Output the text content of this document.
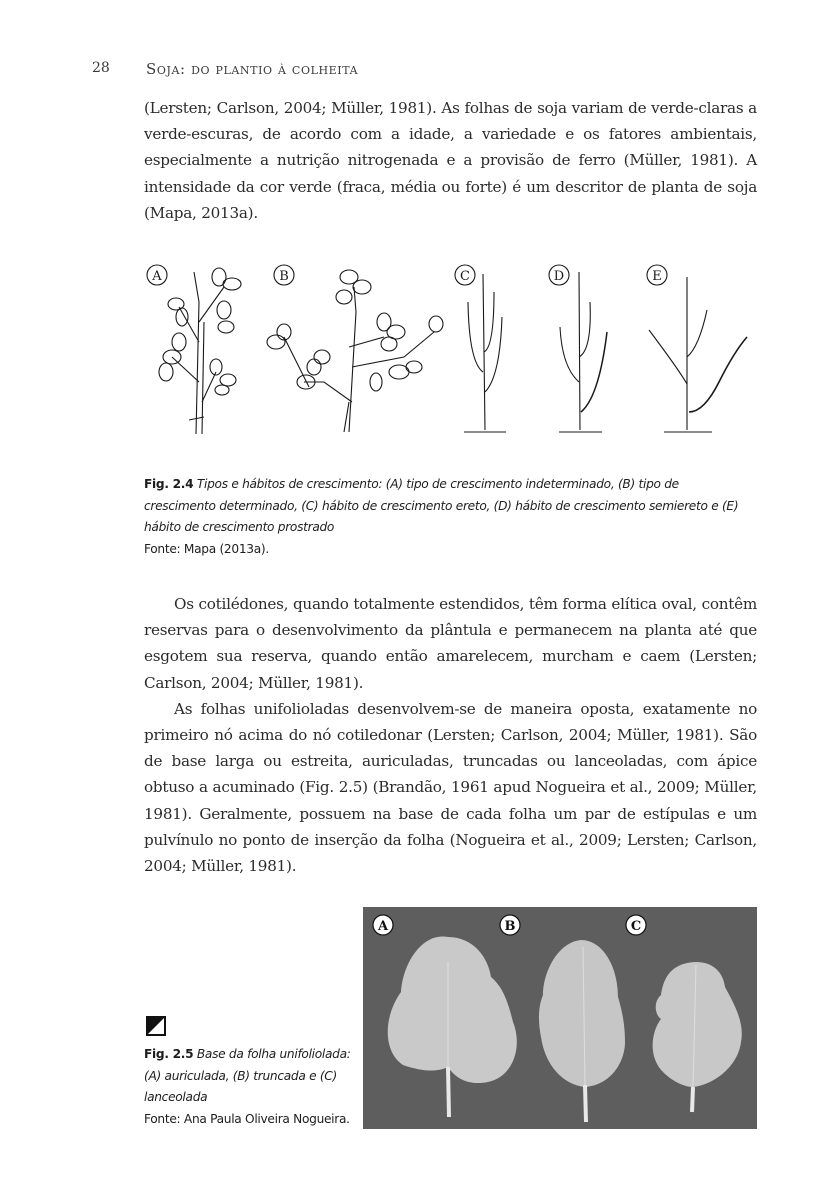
28	Soja: do plantio à colheita

(Lersten; Carlson, 2004; Müller, 1981). As folhas de soja variam de verde-claras a verde-escuras, de acordo com a idade, a variedade e os fatores ambientais, especialmente a nutrição nitrogenada e a provisão de ferro (Müller, 1981). A intensidade da cor verde (fraca, média ou forte) é um descritor de planta de soja (Mapa, 2013a).

A	B	C	D	E
Fig. 2.4 Tipos e hábitos de crescimento: (A) tipo de crescimento indeterminado, (B) tipo de crescimento determinado, (C) hábito de crescimento ereto, (D) hábito de crescimento semiereto e (E) hábito de crescimento prostrado
Fonte: Mapa (2013a).

Os cotilédones, quando totalmente estendidos, têm forma elítica oval, contêm reservas para o desenvolvimento da plântula e permanecem na planta até que esgotem sua reserva, quando então amarelecem, murcham e caem (Lersten; Carlson, 2004; Müller, 1981).

As folhas unifolioladas desenvolvem-se de maneira oposta, exatamente no primeiro nó acima do nó cotiledonar (Lersten; Carlson, 2004; Müller, 1981). São de base larga ou estreita, auriculadas, truncadas ou lanceoladas, com ápice obtuso a acuminado (Fig. 2.5) (Brandão, 1961 apud Nogueira et al., 2009; Müller, 1981). Geralmente, possuem na base de cada folha um par de estípulas e um pulvínulo no ponto de inserção da folha (Nogueira et al., 2009; Lersten; Carlson, 2004; Müller, 1981).

Fig. 2.5 Base da folha unifoliolada: (A) auriculada, (B) truncada e (C) lanceolada
Fonte: Ana Paula Oliveira Nogueira.
A	B	C
